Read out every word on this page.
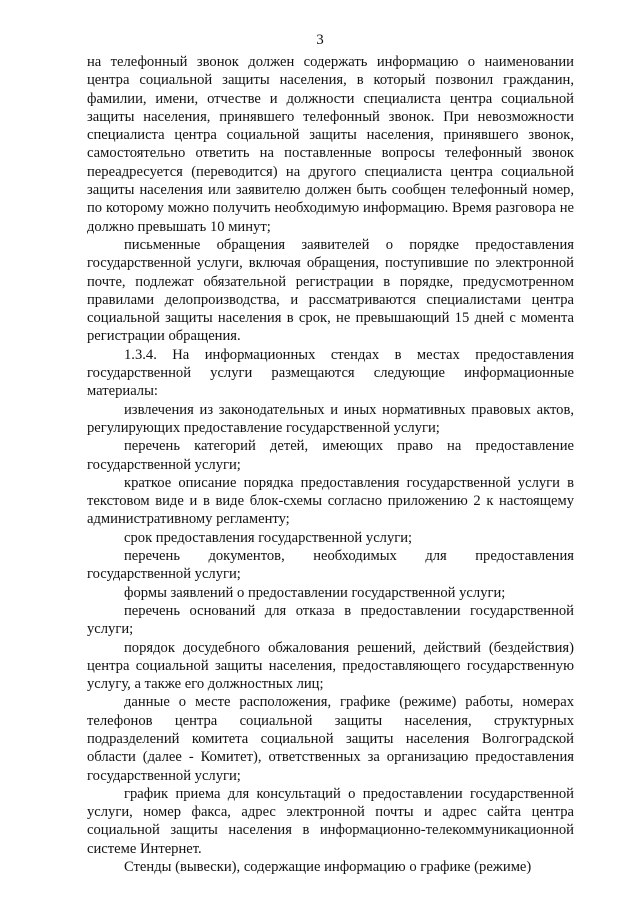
3

на телефонный звонок должен содержать информацию о наименовании центра социальной защиты населения, в который позвонил гражданин, фамилии, имени, отчестве и должности специалиста центра социальной защиты населения, принявшего телефонный звонок. При невозможности специалиста центра социальной защиты населения, принявшего звонок, самостоятельно ответить на поставленные вопросы телефонный звонок переадресуется (переводится) на другого специалиста центра социальной защиты населения или заявителю должен быть сообщен телефонный номер, по которому можно получить необходимую информацию. Время разговора не должно превышать 10 минут;

письменные обращения заявителей о порядке предоставления государственной услуги, включая обращения, поступившие по электронной почте, подлежат обязательной регистрации в порядке, предусмотренном правилами делопроизводства, и рассматриваются специалистами центра социальной защиты населения в срок, не превышающий 15 дней с момента регистрации обращения.

1.3.4. На информационных стендах в местах предоставления государственной услуги размещаются следующие информационные материалы:

извлечения из законодательных и иных нормативных правовых актов, регулирующих предоставление государственной услуги;

перечень категорий детей, имеющих право на предоставление государственной услуги;

краткое описание порядка предоставления государственной услуги в текстовом виде и в виде блок-схемы согласно приложению 2 к настоящему административному регламенту;

срок предоставления государственной услуги;

перечень документов, необходимых для предоставления государственной услуги;

формы заявлений о предоставлении государственной услуги;

перечень оснований для отказа в предоставлении государственной услуги;

порядок досудебного обжалования решений, действий (бездействия) центра социальной защиты населения, предоставляющего государственную услугу, а также его должностных лиц;

данные о месте расположения, графике (режиме) работы, номерах телефонов центра социальной защиты населения, структурных подразделений комитета социальной защиты населения Волгоградской области (далее - Комитет), ответственных за организацию предоставления государственной услуги;

график приема для консультаций о предоставлении государственной услуги, номер факса, адрес электронной почты и адрес сайта центра социальной защиты населения в информационно-телекоммуникационной системе Интернет.

Стенды (вывески), содержащие информацию о графике (режиме)
